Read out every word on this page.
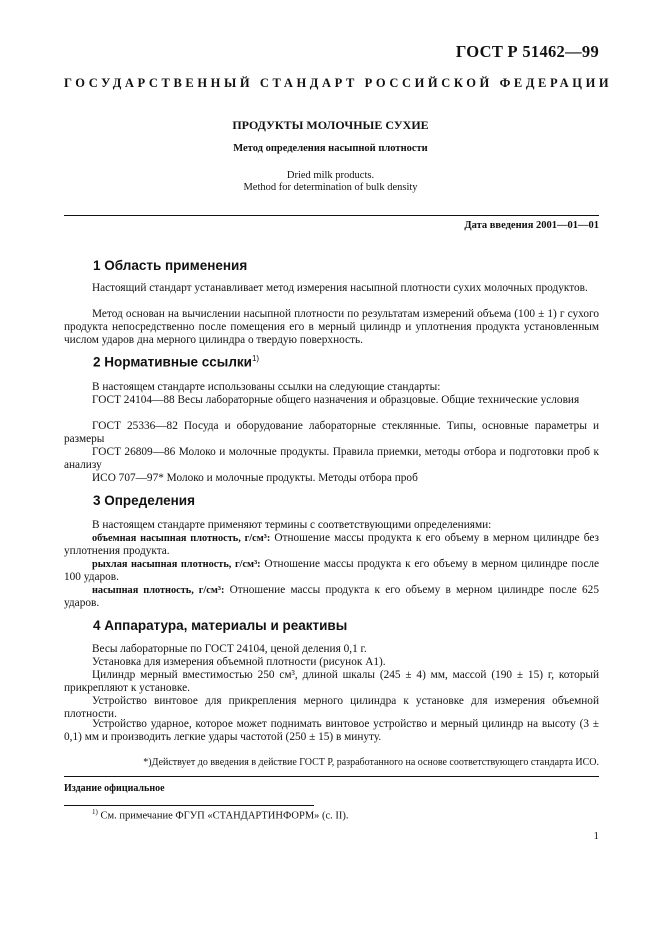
ГОСТ Р 51462—99
ГОСУДАРСТВЕННЫЙ СТАНДАРТ РОССИЙСКОЙ ФЕДЕРАЦИИ
ПРОДУКТЫ МОЛОЧНЫЕ СУХИЕ
Метод определения насыпной плотности
Dried milk products.
Method for determination of bulk density
Дата введения 2001—01—01
1 Область применения
Настоящий стандарт устанавливает метод измерения насыпной плотности сухих молочных продуктов.
Метод основан на вычислении насыпной плотности по результатам измерений объема (100 ± 1) г сухого продукта непосредственно после помещения его в мерный цилиндр и уплотнения продукта установленным числом ударов дна мерного цилиндра о твердую поверхность.
2 Нормативные ссылки$^{1)}$
В настоящем стандарте использованы ссылки на следующие стандарты:
ГОСТ 24104—88 Весы лабораторные общего назначения и образцовые. Общие технические условия
ГОСТ 25336—82 Посуда и оборудование лабораторные стеклянные. Типы, основные параметры и размеры
ГОСТ 26809—86 Молоко и молочные продукты. Правила приемки, методы отбора и подготовки проб к анализу
ИСО 707—97* Молоко и молочные продукты. Методы отбора проб
3 Определения
В настоящем стандарте применяют термины с соответствующими определениями:
объемная насыпная плотность, г/см³: Отношение массы продукта к его объему в мерном цилиндре без уплотнения продукта.
рыхлая насыпная плотность, г/см³: Отношение массы продукта к его объему в мерном цилиндре после 100 ударов.
насыпная плотность, г/см³: Отношение массы продукта к его объему в мерном цилиндре после 625 ударов.
4 Аппаратура, материалы и реактивы
Весы лабораторные по ГОСТ 24104, ценой деления 0,1 г.
Установка для измерения объемной плотности (рисунок А1).
Цилиндр мерный вместимостью 250 см³, длиной шкалы (245 ± 4) мм, массой (190 ± 15) г, который прикрепляют к установке.
Устройство винтовое для прикрепления мерного цилиндра к установке для измерения объемной плотности.
Устройство ударное, которое может поднимать винтовое устройство и мерный цилиндр на высоту (3 ± 0,1) мм и производить легкие удары частотой (250 ± 15) в минуту.
*)Действует до введения в действие ГОСТ Р, разработанного на основе соответствующего стандарта ИСО.
Издание официальное
$^{1)}$ См. примечание ФГУП «СТАНДАРТИНФОРМ» (с. II).
1
